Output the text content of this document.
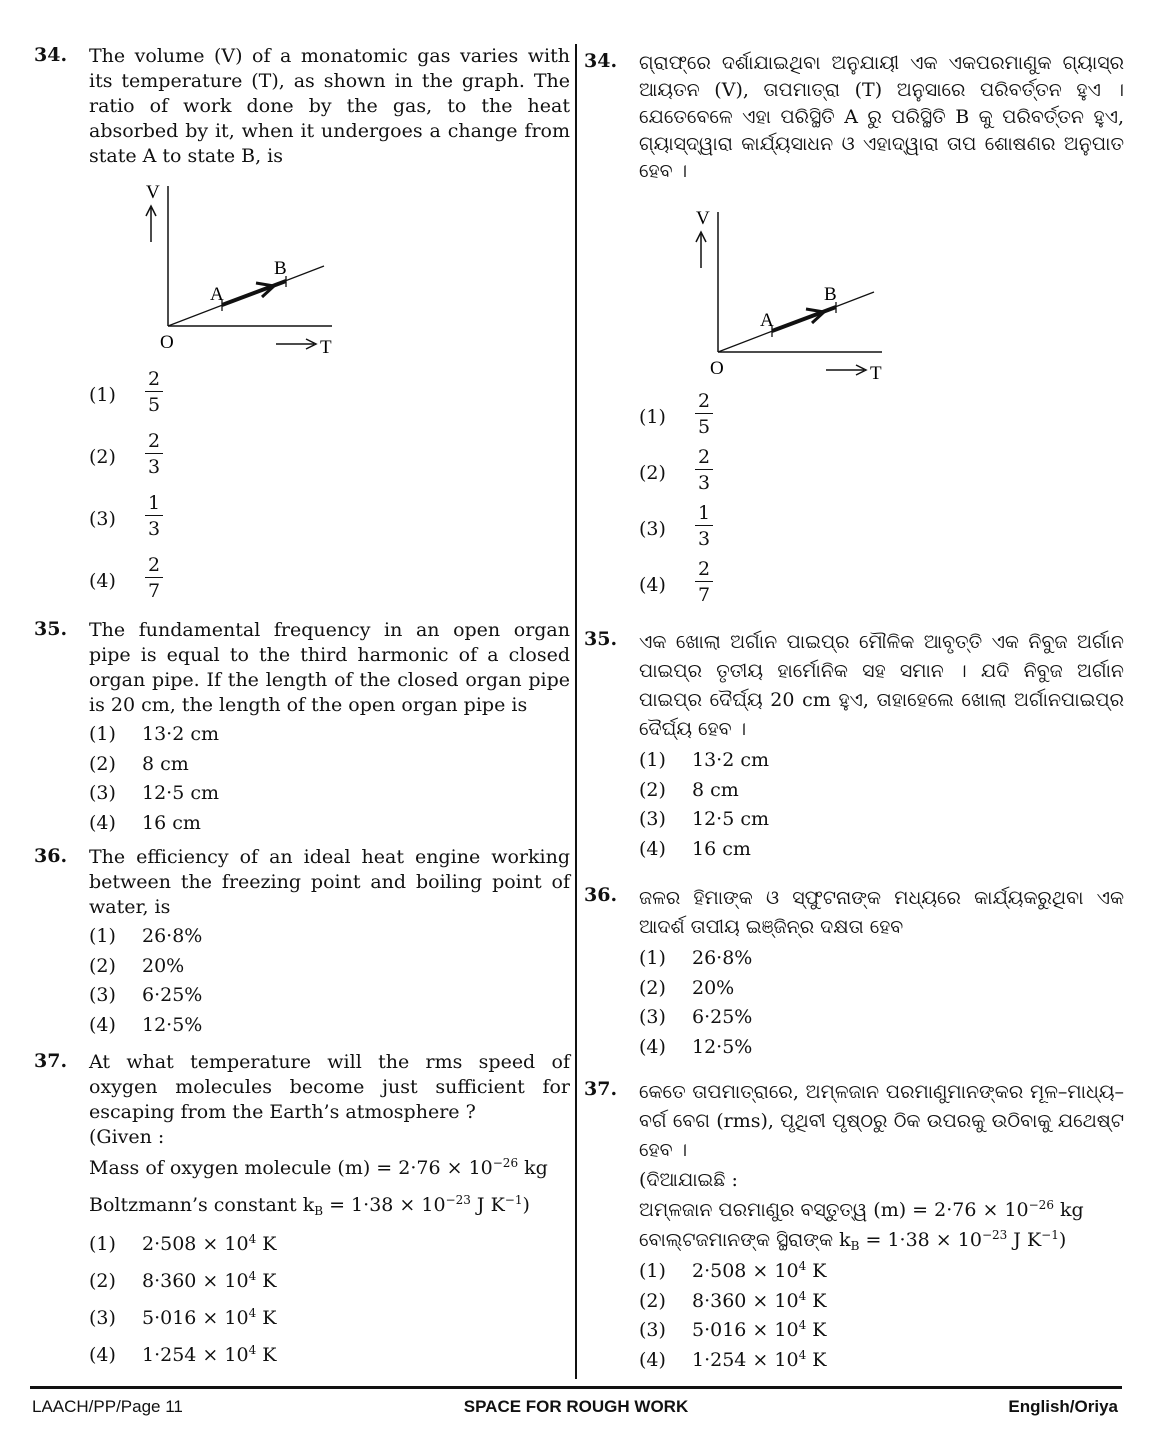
34. The volume (V) of a monatomic gas varies with its temperature (T), as shown in the graph. The ratio of work done by the gas, to the heat absorbed by it, when it undergoes a change from state A to state B, is
V
O	T
A
B
$(1) \frac{2}{5}$
$(2) \frac{2}{3}$
$(3) \frac{1}{3}$
$(4) \frac{2}{7}$
35. The fundamental frequency in an open organ pipe is equal to the third harmonic of a closed organ pipe. If the length of the closed organ pipe is 20 cm, the length of the open organ pipe is
(1) 13·2 cm
(2) 8 cm
(3) 12·5 cm
(4) 16 cm
36. The efficiency of an ideal heat engine working between the freezing point and boiling point of water, is
(1) 26·8%
(2) 20%
(3) 6·25%
(4) 12·5%
37. At what temperature will the rms speed of oxygen molecules become just sufficient for escaping from the Earth’s atmosphere ?
(Given :
Mass of oxygen molecule $(m) = 2\cdot 76 \times 10^{-26}$ kg
Boltzmann’s constant $k_B = 1\cdot 38 \times 10^{-23}$ J $K^{-1}$)
(1) $2\cdot 508 \times 10^4$ K
(2) $8\cdot 360 \times 10^4$ K
(3) $5\cdot 016 \times 10^4$ K
(4) $1\cdot 254 \times 10^4$ K
34. ଗ୍ରାଫ୍‌ରେ ଦର୍ଶାଯାଇଥିବା ଅନୁଯାୟୀ ଏକ ଏକପରମାଣୁକ ଗ୍ୟାସ୍‌ର ଆୟତନ (V), ତାପମାତ୍ରା (T) ଅନୁସାରେ ପରିବର୍ତ୍ତନ ହୁଏ । ଯେତେବେଳେ ଏହା ପରିସ୍ଥିତି A ରୁ ପରିସ୍ଥିତି B କୁ ପରିବର୍ତ୍ତନ ହୁଏ, ଗ୍ୟାସ୍‌ଦ୍ୱାରା କାର୍ଯ୍ୟସାଧନ ଓ ଏହାଦ୍ୱାରା ତାପ ଶୋଷଣର ଅନୁପାତ ହେବ ।
V
O	T
A
B
$(1) \frac{2}{5}$
$(2) \frac{2}{3}$
$(3) \frac{1}{3}$
$(4) \frac{2}{7}$
35. ଏକ ଖୋଲା ଅର୍ଗାନ ପାଇପ୍‌ର ମୌଳିକ ଆବୃତ୍ତି ଏକ ନିବୁଜ ଅର୍ଗାନ ପାଇପ୍‌ର ତୃତୀୟ ହାର୍ମୋନିକ ସହ ସମାନ । ଯଦି ନିବୁଜ ଅର୍ଗାନ ପାଇପ୍‌ର ଦୈର୍ଘ୍ୟ 20 cm ହୁଏ, ତାହାହେଲେ ଖୋଲା ଅର୍ଗାନପାଇପ୍‌ର ଦୈର୍ଘ୍ୟ ହେବ ।
(1) 13·2 cm
(2) 8 cm
(3) 12·5 cm
(4) 16 cm
36. ଜଳର ହିମାଙ୍କ ଓ ସ୍ଫୁଟନାଙ୍କ ମଧ୍ୟରେ କାର୍ଯ୍ୟକରୁଥିବା ଏକ ଆଦର୍ଶ ତାପୀୟ ଇଞ୍ଜିନ୍‌ର ଦକ୍ଷତା ହେବ
(1) 26·8%
(2) 20%
(3) 6·25%
(4) 12·5%
37. କେତେ ତାପମାତ୍ରାରେ, ଅମ୍ଳଜାନ ପରମାଣୁମାନଙ୍କର ମୂଳ–ମାଧ୍ୟ–ବର୍ଗ ବେଗ (rms), ପୃଥିବୀ ପୃଷ୍ଠରୁ ଠିକ ଉପରକୁ ଉଠିବାକୁ ଯଥେଷ୍ଟ ହେବ ।
(ଦିଆଯାଇଛି :
ଅମ୍ଳଜାନ ପରମାଣୁର ବସ୍ତୁତ୍ୱ $(m) = 2\cdot 76 \times 10^{-26}$ kg
ବୋଲ୍‌ଟଜମାନଙ୍କ ସ୍ଥିରାଙ୍କ $k_B = 1\cdot 38 \times 10^{-23}$ J $K^{-1}$)
(1) $2\cdot 508 \times 10^4$ K
(2) $8\cdot 360 \times 10^4$ K
(3) $5\cdot 016 \times 10^4$ K
(4) $1\cdot 254 \times 10^4$ K
LAACH/PP/Page 11	SPACE FOR ROUGH WORK	English/Oriya
